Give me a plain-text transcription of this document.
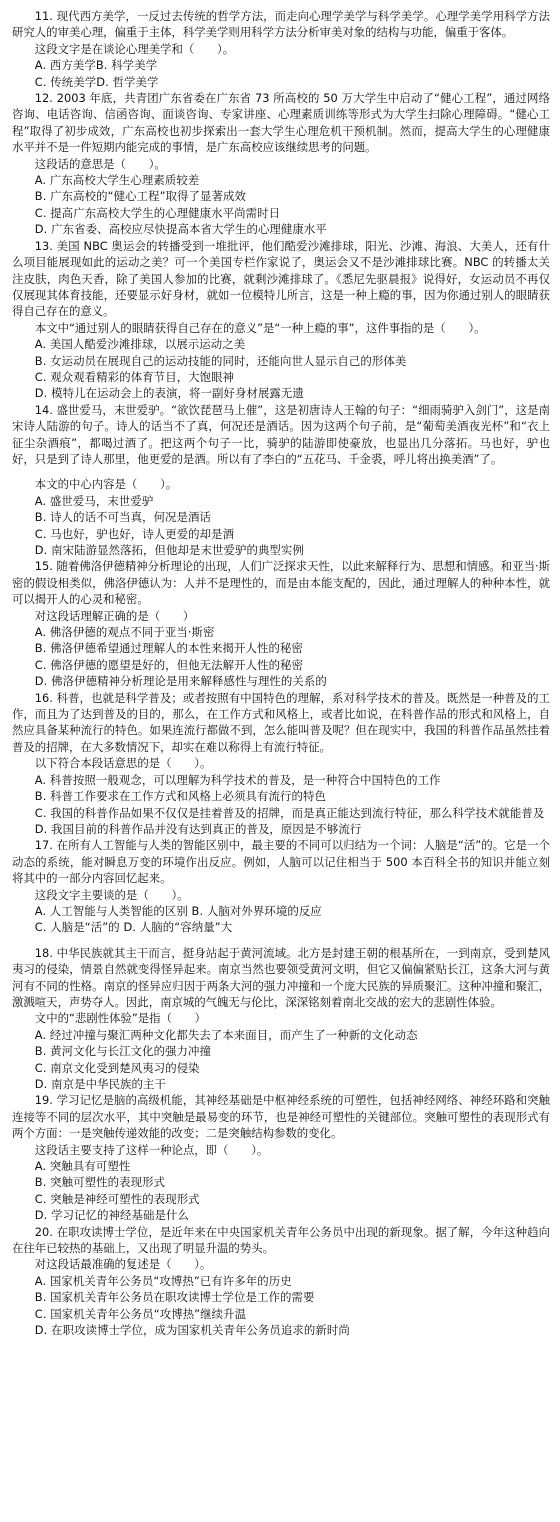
11. 现代西方美学，一反过去传统的哲学方法，而走向心理学美学与科学美学。心理学美学用科学方法研究人的审美心理，偏重于主体，科学美学则用科学方法分析审美对象的结构与功能，偏重于客体。

这段文字是在谈论心理美学和（　　）。

A. 西方美学B. 科学美学

C. 传统美学D. 哲学美学

12. 2003 年底，共青团广东省委在广东省 73 所高校的 50 万大学生中启动了“健心工程”，通过网络咨询、电话咨询、信函咨询、面谈咨询、专家讲座、心理素质训练等形式为大学生扫除心理障碍。“健心工程”取得了初步成效，广东高校也初步探索出一套大学生心理危机干预机制。然而，提高大学生的心理健康水平并不是一件短期内能完成的事情，是广东高校应该继续思考的问题。

这段话的意思是（　　）。

A. 广东高校大学生心理素质较差

B. 广东高校的“健心工程”取得了显著成效

C. 提高广东高校大学生的心理健康水平尚需时日

D. 广东省委、高校应尽快提高本省大学生的心理健康水平

13. 美国 NBC 奥运会的转播受到一堆批评，他们酷爱沙滩排球，阳光、沙滩、海浪、大美人，还有什么项目能展现如此的运动之美？可一个美国专栏作家说了，奥运会又不是沙滩排球比赛。NBC 的转播太关注皮肤，肉色天香，除了美国人参加的比赛，就剩沙滩排球了。《悉尼先驱晨报》说得好，女运动员不再仅仅展现其体育技能，还要显示好身材，就如一位模特儿所言，这是一种上瘾的事，因为你通过别人的眼睛获得自己存在的意义。

本文中“通过别人的眼睛获得自己存在的意义”是“一种上瘾的事”，这件事指的是（　　）。

A. 美国人酷爱沙滩排球，以展示运动之美

B. 女运动员在展现自己的运动技能的同时，还能向世人显示自己的形体美

C. 观众观看精彩的体育节目，大饱眼神

D. 模特儿在运动会上的表演，将一副好身材展露无遗

14. 盛世爱马，末世爱驴。“欲饮琵琶马上催”，这是初唐诗人王翰的句子：“细雨骑驴入剑门”，这是南宋诗人陆游的句子。诗人的话当不了真，何况还是酒话。因为这两个句子前，是“葡萄美酒夜光杯”和“衣上征尘杂酒痕”，都喝过酒了。把这两个句子一比，骑驴的陆游即使豪放，也显出几分落拓。马也好，驴也好，只是到了诗人那里，他更爱的是酒。所以有了李白的“五花马、千金裘，呼儿将出换美酒”了。

本文的中心内容是（　　）。

A. 盛世爱马，末世爱驴

B. 诗人的话不可当真，何况是酒话

C. 马也好，驴也好，诗人更爱的却是酒

D. 南宋陆游显然落拓，但他却是末世爱驴的典型实例

15. 随着佛洛伊德精神分析理论的出现，人们广泛探求天性，以此来解释行为、思想和情感。和亚当·斯密的假设相类似，佛洛伊德认为：人并不是理性的，而是由本能支配的，因此，通过理解人的种种本性，就可以揭开人的心灵和秘密。

对这段话理解正确的是（　　）

A. 佛洛伊德的观点不同于亚当·斯密

B. 佛洛伊德希望通过理解人的本性来揭开人性的秘密

C. 佛洛伊德的愿望是好的，但他无法解开人性的秘密

D. 佛洛伊德精神分析理论是用来解释感性与理性的关系的

16. 科普，也就是科学普及；或者按照有中国特色的理解，系对科学技术的普及。既然是一种普及的工作，而且为了达到普及的目的，那么，在工作方式和风格上，或者比如说，在科普作品的形式和风格上，自然应具备某种流行的特色。如果连流行都做不到，怎么能叫普及呢？但在现实中，我国的科普作品虽然挂着普及的招牌，在大多数情况下，却实在难以称得上有流行特征。

以下符合本段话意思的是（　　）。

A. 科普按照一般观念，可以理解为科学技术的普及，是一种符合中国特色的工作

B. 科普工作要求在工作方式和风格上必须具有流行的特色

C. 我国的科普作品如果不仅仅是挂着普及的招牌，而是真正能达到流行特征，那么科学技术就能普及

D. 我国目前的科普作品并没有达到真正的普及，原因是不够流行

17. 在所有人工智能与人类的智能区别中，最主要的不同可以归结为一个词：人脑是“活”的。它是一个动态的系统，能对瞬息万变的环境作出反应。例如，人脑可以记住相当于 500 本百科全书的知识并能立刻将其中的一部分内容回忆起来。

这段文字主要谈的是（　　）。

A. 人工智能与人类智能的区别 B. 人脑对外界环境的反应

C. 人脑是“活”的 D. 人脑的“容纳量”大

18. 中华民族就其主干而言，挺身站起于黄河流域。北方是封建王朝的根基所在，一到南京，受到楚风夷习的侵染，情景自然就变得怪异起来。南京当然也要领受黄河文明，但它又偏偏紧贴长江，这条大河与黄河有不同的性格。南京的怪异应归因于两条大河的强力冲撞和一个庞大民族的异质聚汇。这种冲撞和聚汇，激溅喧天，声势夺人。因此，南京城的气魄无与伦比，深深铭刻着南北交战的宏大的悲剧性体验。

文中的“悲剧性体验”是指（　　）

A. 经过冲撞与聚汇两种文化都失去了本来面目，而产生了一种新的文化动态

B. 黄河文化与长江文化的强力冲撞

C. 南京文化受到楚风夷习的侵染

D. 南京是中华民族的主干

19. 学习记忆是脑的高级机能，其神经基础是中枢神经系统的可塑性，包括神经网络、神经环路和突触连接等不同的层次水平，其中突触是最易变的环节，也是神经可塑性的关键部位。突触可塑性的表现形式有两个方面：一是突触传递效能的改变；二是突触结构参数的变化。

这段话主要支持了这样一种论点，即（　　）。

A. 突触具有可塑性

B. 突触可塑性的表现形式

C. 突触是神经可塑性的表现形式

D. 学习记忆的神经基础是什么

20. 在职攻读博士学位，是近年来在中央国家机关青年公务员中出现的新现象。据了解，今年这种趋向在往年已较热的基础上，又出现了明显升温的势头。

对这段话最准确的复述是（　　）。

A. 国家机关青年公务员“攻博热”已有许多年的历史

B. 国家机关青年公务员在职攻读博士学位是工作的需要

C. 国家机关青年公务员“攻博热”继续升温

D. 在职攻读博士学位，成为国家机关青年公务员追求的新时尚
